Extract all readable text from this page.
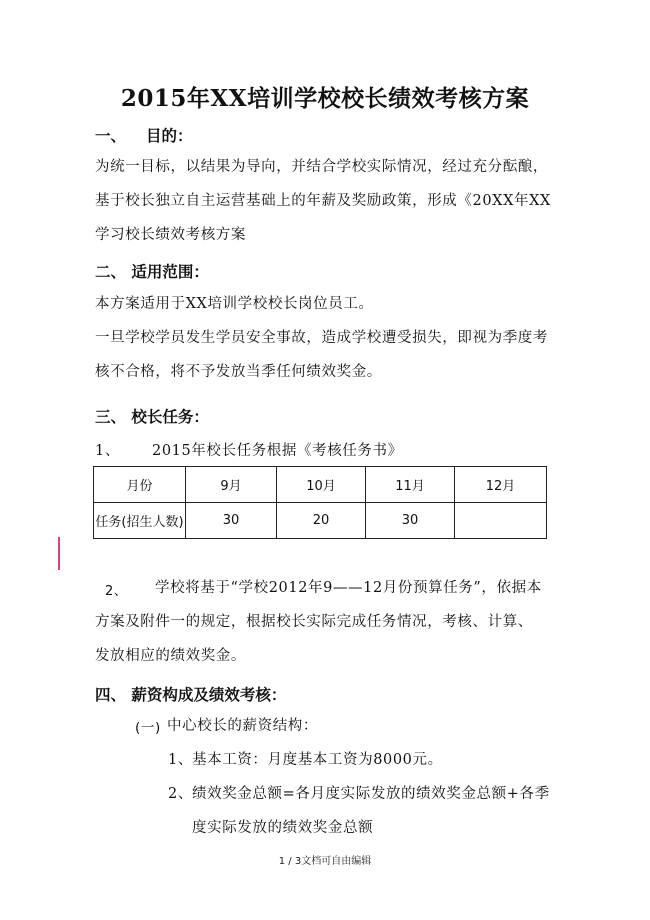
2015年XX培训学校校长绩效考核方案
一、 目的：
为统一目标，以结果为导向，并结合学校实际情况，经过充分酝酿，
基于校长独立自主运营基础上的年薪及奖励政策，形成《20XX年XX
学习校长绩效考核方案
二、 适用范围：
本方案适用于XX培训学校校长岗位员工。
一旦学校学员发生学员安全事故，造成学校遭受损失，即视为季度考
核不合格，将不予发放当季任何绩效奖金。
三、 校长任务：
1、 2015年校长任务根据《考核任务书》
月份	9月	10月	11月	12月
任务(招生人数)	30	20	30	
2、 学校将基于“学校2012年9——12月份预算任务”，依据本
方案及附件一的规定，根据校长实际完成任务情况，考核、计算、
发放相应的绩效奖金。
四、 薪资构成及绩效考核：
(一) 中心校长的薪资结构：
1、 基本工资：月度基本工资为8000元。
2、 绩效奖金总额=各月度实际发放的绩效奖金总额+各季
度实际发放的绩效奖金总额
1 / 3文档可自由编辑
